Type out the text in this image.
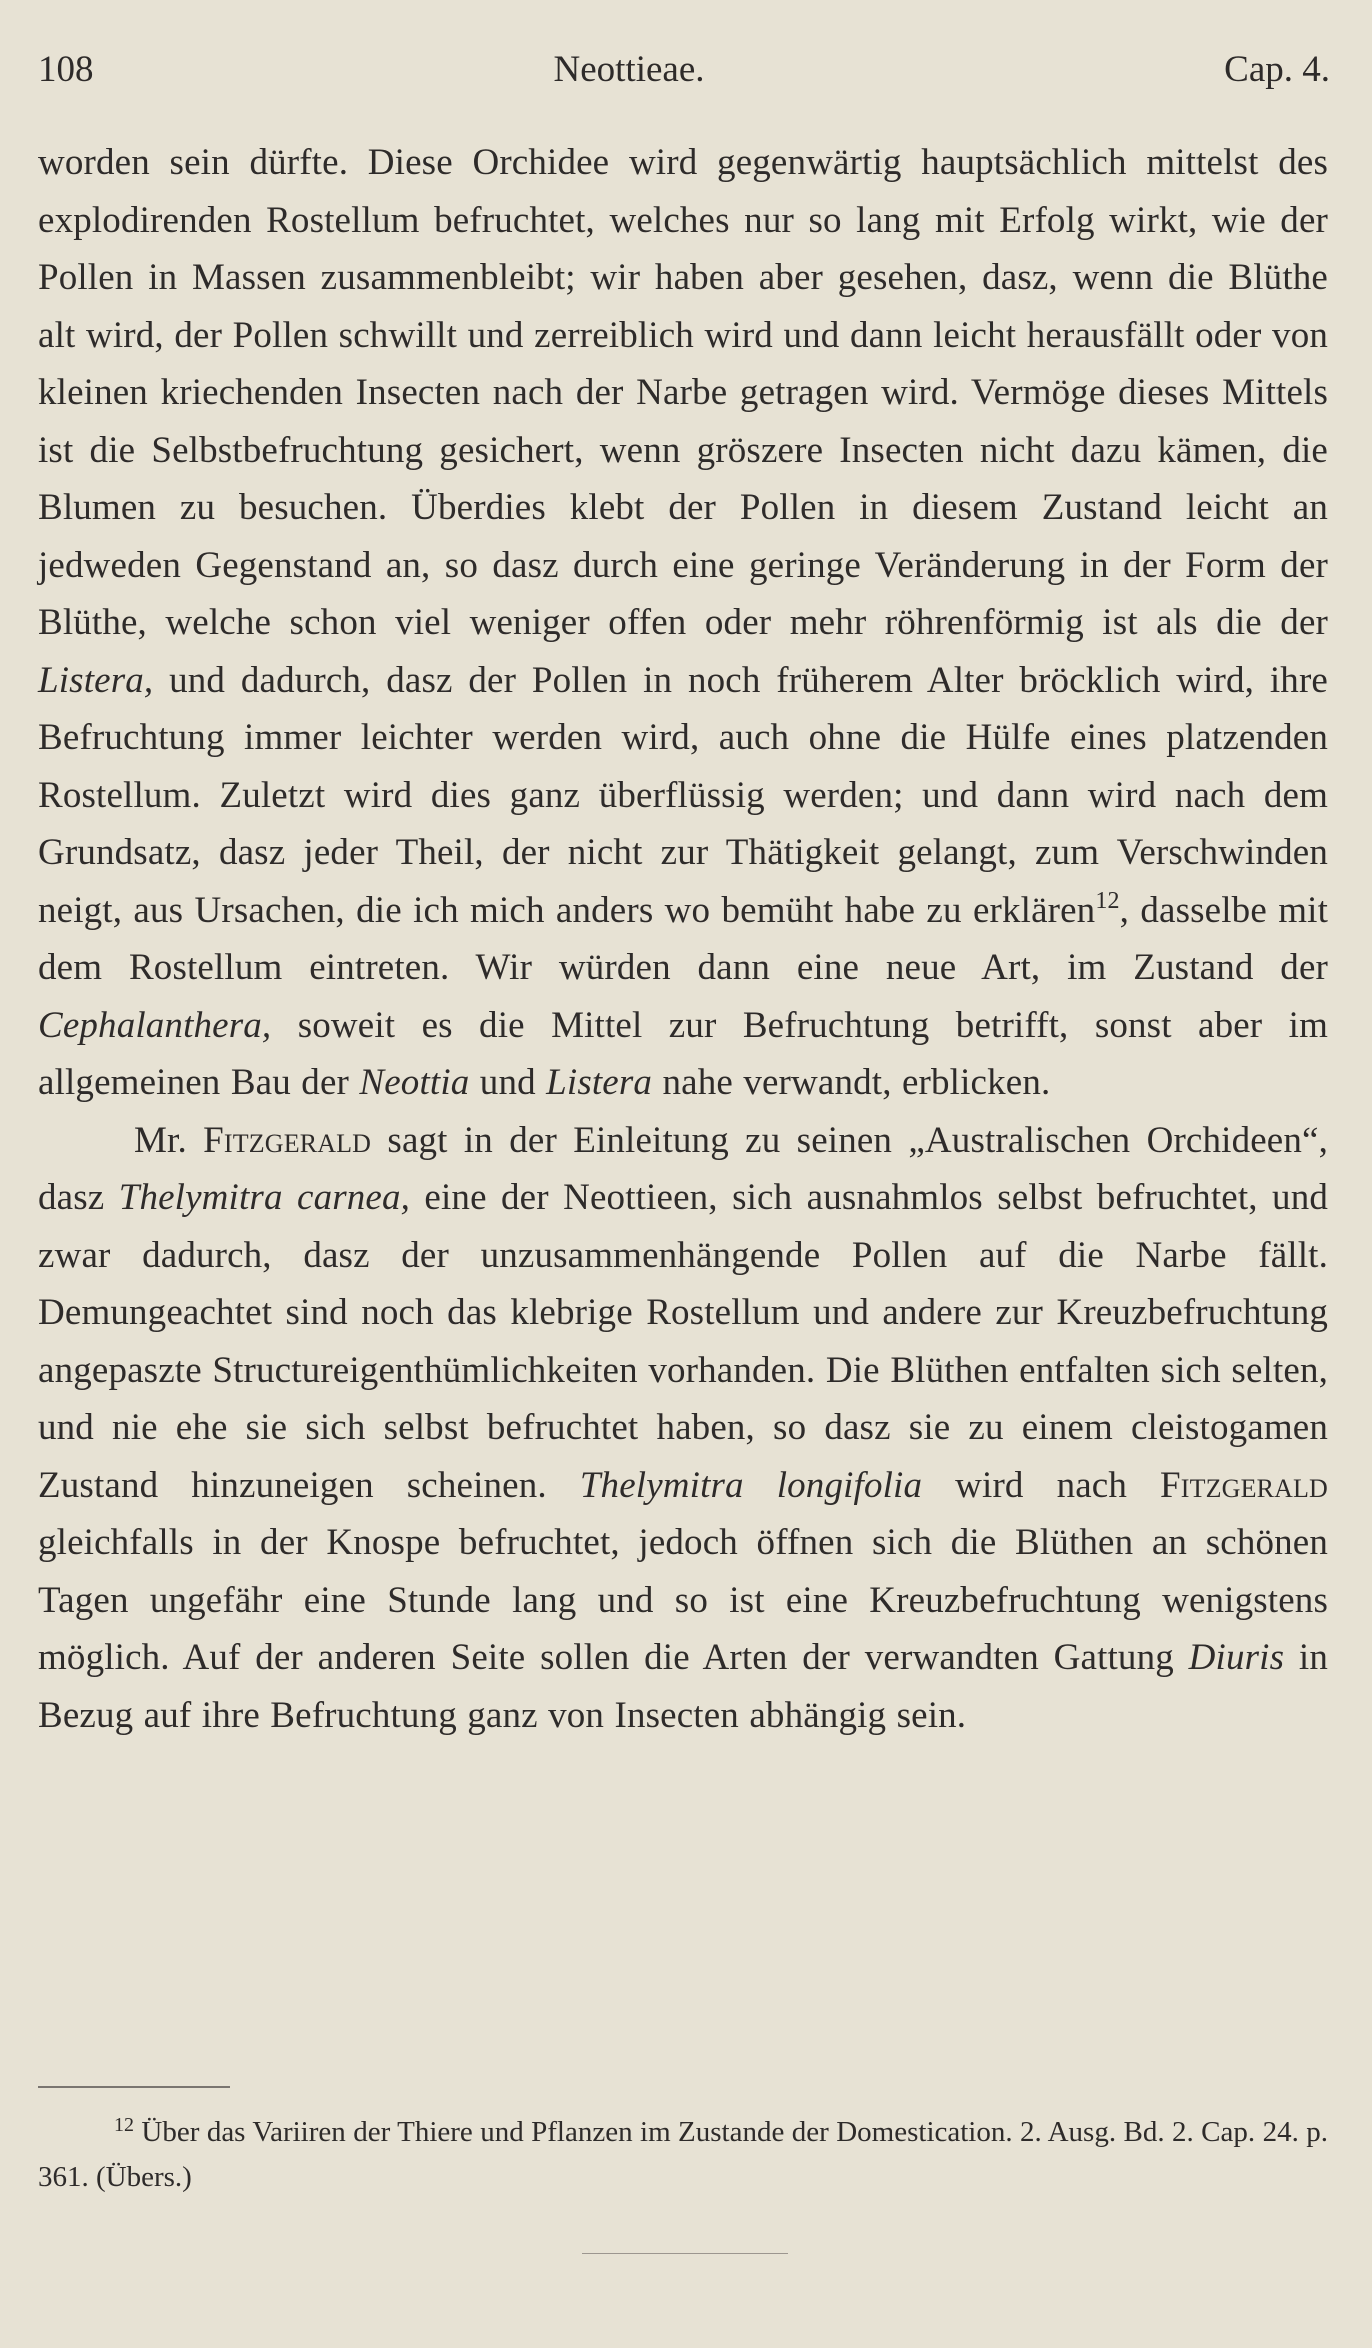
108	Neottieae.	Cap. 4.

worden sein dürfte. Diese Orchidee wird gegenwärtig hauptsächlich mittelst des explodirenden Rostellum befruchtet, welches nur so lang mit Erfolg wirkt, wie der Pollen in Massen zusammenbleibt; wir haben aber gesehen, dasz, wenn die Blüthe alt wird, der Pollen schwillt und zerreiblich wird und dann leicht herausfällt oder von kleinen kriechenden Insecten nach der Narbe getragen wird. Vermöge dieses Mittels ist die Selbstbefruchtung gesichert, wenn gröszere Insecten nicht dazu kämen, die Blumen zu besuchen. Überdies klebt der Pollen in diesem Zustand leicht an jedweden Gegenstand an, so dasz durch eine geringe Veränderung in der Form der Blüthe, welche schon viel weniger offen oder mehr röhrenförmig ist als die der Listera, und dadurch, dasz der Pollen in noch früherem Alter bröcklich wird, ihre Befruchtung immer leichter werden wird, auch ohne die Hülfe eines platzenden Rostellum. Zuletzt wird dies ganz überflüssig werden; und dann wird nach dem Grundsatz, dasz jeder Theil, der nicht zur Thätigkeit gelangt, zum Verschwinden neigt, aus Ursachen, die ich mich anders wo bemüht habe zu erklären$^{12}$, dasselbe mit dem Rostellum eintreten. Wir würden dann eine neue Art, im Zustand der Cephalanthera, soweit es die Mittel zur Befruchtung betrifft, sonst aber im allgemeinen Bau der Neottia und Listera nahe verwandt, erblicken.

Mr. Fitzgerald sagt in der Einleitung zu seinen „Australischen Orchideen“, dasz Thelymitra carnea, eine der Neottieen, sich ausnahmlos selbst befruchtet, und zwar dadurch, dasz der unzusammenhängende Pollen auf die Narbe fällt. Demungeachtet sind noch das klebrige Rostellum und andere zur Kreuzbefruchtung angepaszte Structureigenthümlichkeiten vorhanden. Die Blüthen entfalten sich selten, und nie ehe sie sich selbst befruchtet haben, so dasz sie zu einem cleistogamen Zustand hinzuneigen scheinen. Thelymitra longifolia wird nach Fitzgerald gleichfalls in der Knospe befruchtet, jedoch öffnen sich die Blüthen an schönen Tagen ungefähr eine Stunde lang und so ist eine Kreuzbefruchtung wenigstens möglich. Auf der anderen Seite sollen die Arten der verwandten Gattung Diuris in Bezug auf ihre Befruchtung ganz von Insecten abhängig sein.

$^{12}$ Über das Variiren der Thiere und Pflanzen im Zustande der Domestication. 2. Ausg. Bd. 2. Cap. 24. p. 361. (Übers.)
